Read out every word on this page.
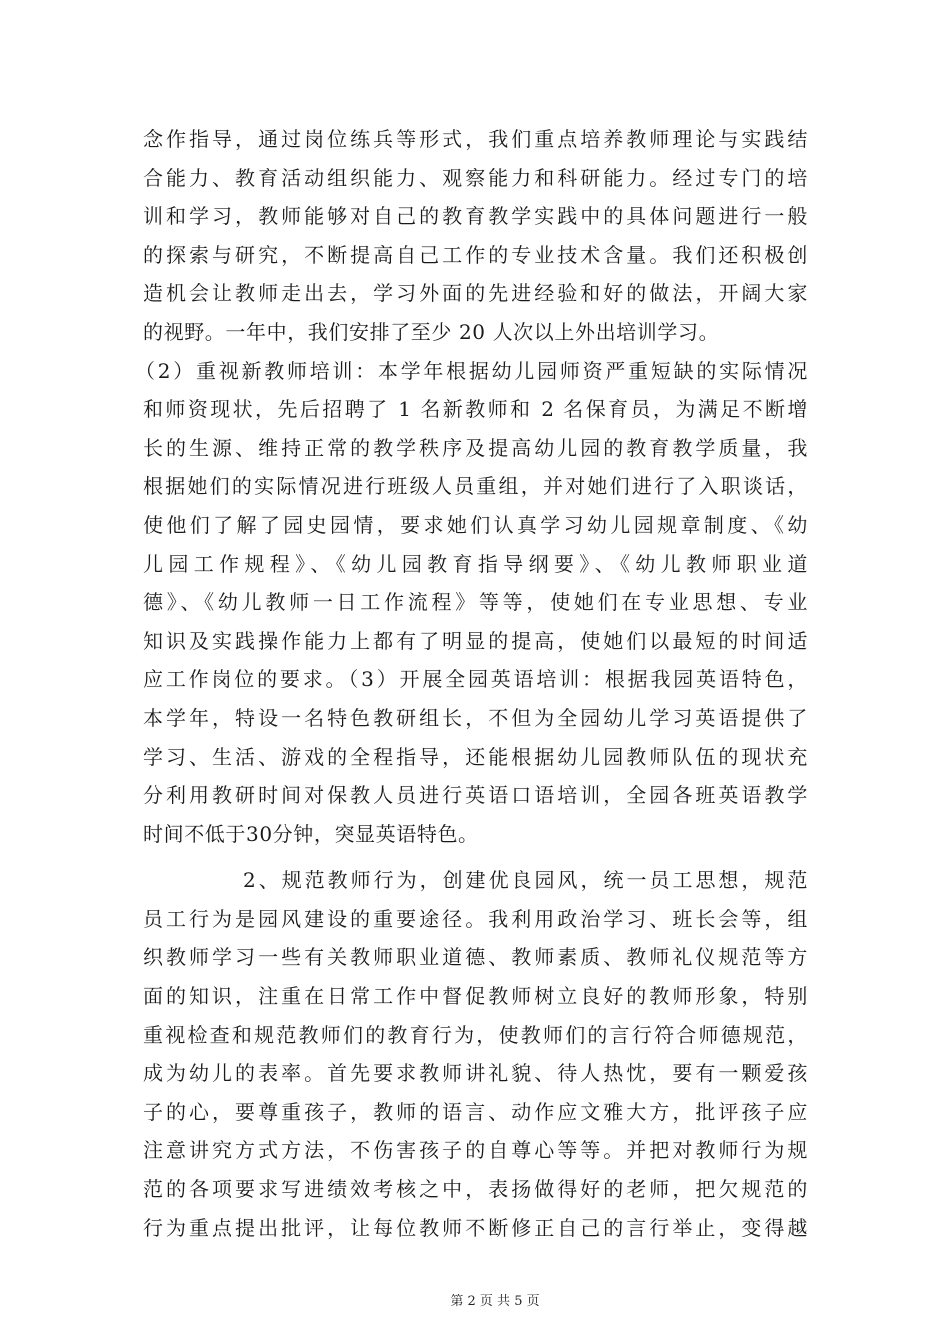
念作指导，通过岗位练兵等形式，我们重点培养教师理论与实践结
合能力、教育活动组织能力、观察能力和科研能力。经过专门的培
训和学习，教师能够对自己的教育教学实践中的具体问题进行一般
的探索与研究，不断提高自己工作的专业技术含量。我们还积极创
造机会让教师走出去，学习外面的先进经验和好的做法，开阔大家
的视野。一年中，我们安排了至少 20 人次以上外出培训学习。
（2）重视新教师培训：本学年根据幼儿园师资严重短缺的实际情况
和师资现状，先后招聘了 1 名新教师和 2 名保育员，为满足不断增
长的生源、维持正常的教学秩序及提高幼儿园的教育教学质量，我
根据她们的实际情况进行班级人员重组，并对她们进行了入职谈话，
使他们了解了园史园情，要求她们认真学习幼儿园规章制度、《幼
儿园工作规程》、《幼儿园教育指导纲要》、《幼儿教师职业道
德》、《幼儿教师一日工作流程》等等，使她们在专业思想、专业
知识及实践操作能力上都有了明显的提高，使她们以最短的时间适
应工作岗位的要求。（3）开展全园英语培训：根据我园英语特色，
本学年，特设一名特色教研组长，不但为全园幼儿学习英语提供了
学习、生活、游戏的全程指导，还能根据幼儿园教师队伍的现状充
分利用教研时间对保教人员进行英语口语培训，全园各班英语教学
时间不低于30分钟，突显英语特色。
2、规范教师行为，创建优良园风，统一员工思想，规范
员工行为是园风建设的重要途径。我利用政治学习、班长会等，组
织教师学习一些有关教师职业道德、教师素质、教师礼仪规范等方
面的知识，注重在日常工作中督促教师树立良好的教师形象，特别
重视检查和规范教师们的教育行为，使教师们的言行符合师德规范，
成为幼儿的表率。首先要求教师讲礼貌、待人热忱，要有一颗爱孩
子的心，要尊重孩子，教师的语言、动作应文雅大方，批评孩子应
注意讲究方式方法，不伤害孩子的自尊心等等。并把对教师行为规
范的各项要求写进绩效考核之中，表扬做得好的老师，把欠规范的
行为重点提出批评，让每位教师不断修正自己的言行举止，变得越
第 2 页 共 5 页
